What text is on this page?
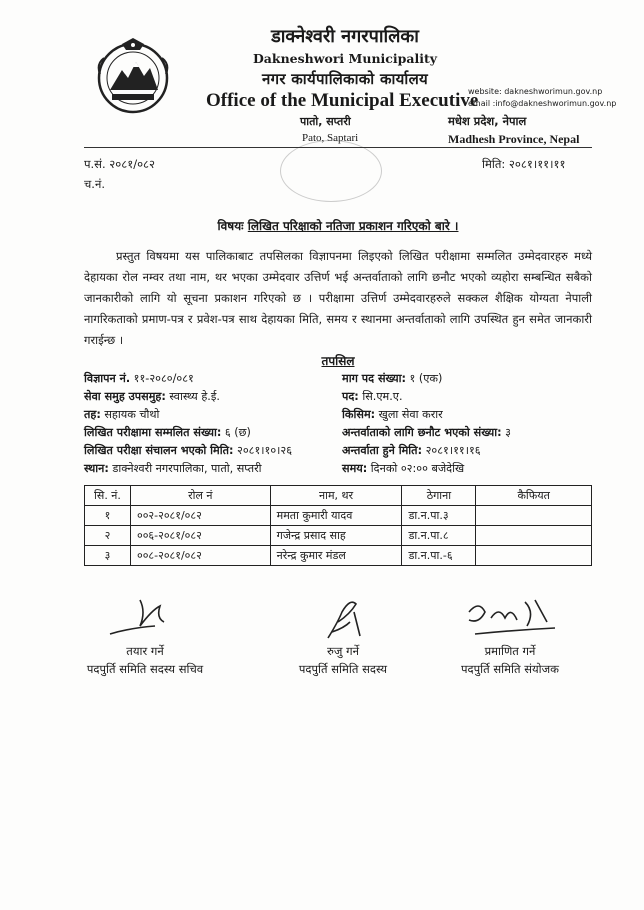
डाक्नेश्वरी नगरपालिका
Dakneshwori Municipality
नगर कार्यपालिकाको कार्यालय
Office of the Municipal Executive
पातो, सप्तरी
Pato, Saptari
website: dakneshworimun.gov.np
email :info@dakneshworimun.gov.np
मधेश प्रदेश, नेपाल
Madhesh Province, Nepal
प.सं. २०८१/०८२
च.नं.
मिति: २०८१।११।११
विषयः लिखित परिक्षाको नतिजा प्रकाशन गरिएको बारे ।
प्रस्तुत विषयमा यस पालिकाबाट तपसिलका विज्ञापनमा लिइएको लिखित परीक्षामा सम्मलित उम्मेदवारहरु मध्ये देहायका रोल नम्वर तथा नाम, थर भएका उम्मेदवार उत्तिर्ण भई अन्तर्वाताको लागि छनौट भएको व्यहोरा सम्बन्धित सबैको जानकारीको लागि यो सूचना प्रकाशन गरिएको छ । परीक्षामा उत्तिर्ण उम्मेदवारहरुले सक्कल शैक्षिक योग्यता नेपाली नागरिकताको प्रमाण-पत्र र प्रवेश-पत्र साथ देहायका मिति, समय र स्थानमा अन्तर्वाताको लागि उपस्थित हुन समेत जानकारी गराईन्छ ।
तपसिल
विज्ञापन नं. ११-२०८०/०८१
सेवा समुह उपसमुह: स्वास्थ्य हे.ई.
तह: सहायक चौथो
लिखित परीक्षामा सम्मलित संख्या: ६ (छ)
लिखित परीक्षा संचालन भएको मिति: २०८१।१०।२६
स्थान: डाक्नेश्वरी नगरपालिका, पातो, सप्तरी
माग पद संख्या: १ (एक)
पद: सि.एम.ए.
किसिम: खुला सेवा करार
अन्तर्वाताको लागि छनौट भएको संख्या: ३
अन्तर्वाता हुने मिति: २०८१।११।१६
समय: दिनको ०२:०० बजेदेखि
सि. नं.	रोल नं	नाम, थर	ठेगाना	कैफियत
१	००२-२०८१/०८२	ममता कुमारी यादव	डा.न.पा.३	
२	००६-२०८१/०८२	गजेन्द्र प्रसाद साह	डा.न.पा.८	
३	००८-२०८१/०८२	नरेन्द्र कुमार मंडल	डा.न.पा.-६	
तयार गर्ने
पदपुर्ति समिति सदस्य सचिव
रुजु गर्ने
पदपुर्ति समिति सदस्य
प्रमाणित गर्ने
पदपुर्ति समिति संयोजक
